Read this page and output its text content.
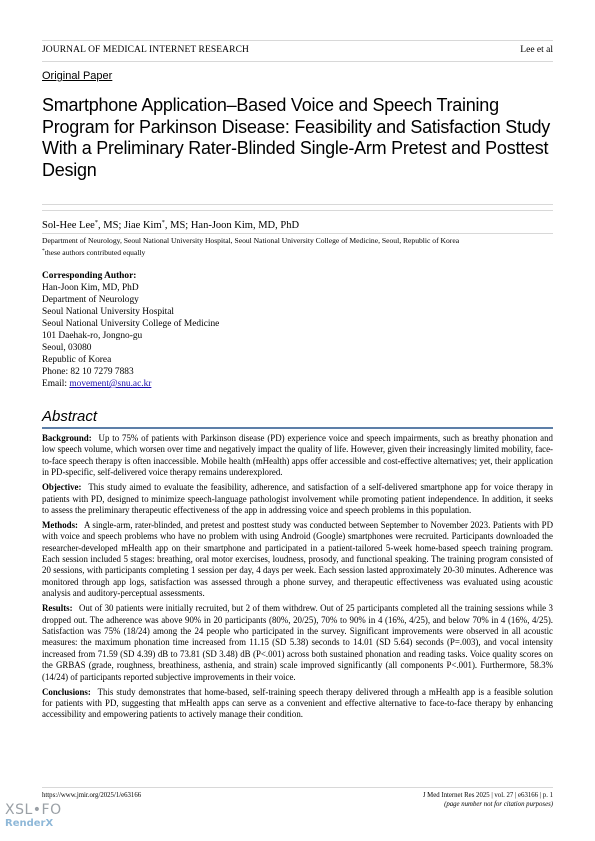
JOURNAL OF MEDICAL INTERNET RESEARCH	Lee et al
Original Paper
Smartphone Application–Based Voice and Speech Training Program for Parkinson Disease: Feasibility and Satisfaction Study With a Preliminary Rater-Blinded Single-Arm Pretest and Posttest Design
Sol-Hee Lee*, MS; Jiae Kim*, MS; Han-Joon Kim, MD, PhD
Department of Neurology, Seoul National University Hospital, Seoul National University College of Medicine, Seoul, Republic of Korea
*these authors contributed equally
Corresponding Author:
Han-Joon Kim, MD, PhD
Department of Neurology
Seoul National University Hospital
Seoul National University College of Medicine
101 Daehak-ro, Jongno-gu
Seoul, 03080
Republic of Korea
Phone: 82 10 7279 7883
Email: movement@snu.ac.kr
Abstract

Background: Up to 75% of patients with Parkinson disease (PD) experience voice and speech impairments, such as breathy phonation and low speech volume, which worsen over time and negatively impact the quality of life. However, given their increasingly limited mobility, face-to-face speech therapy is often inaccessible. Mobile health (mHealth) apps offer accessible and cost-effective alternatives; yet, their application in PD-specific, self-delivered voice therapy remains underexplored.

Objective: This study aimed to evaluate the feasibility, adherence, and satisfaction of a self-delivered smartphone app for voice therapy in patients with PD, designed to minimize speech-language pathologist involvement while promoting patient independence. In addition, it seeks to assess the preliminary therapeutic effectiveness of the app in addressing voice and speech problems in this population.

Methods: A single-arm, rater-blinded, and pretest and posttest study was conducted between September to November 2023. Patients with PD with voice and speech problems who have no problem with using Android (Google) smartphones were recruited. Participants downloaded the researcher-developed mHealth app on their smartphone and participated in a patient-tailored 5-week home-based speech training program. Each session included 5 stages: breathing, oral motor exercises, loudness, prosody, and functional speaking. The training program consisted of 20 sessions, with participants completing 1 session per day, 4 days per week. Each session lasted approximately 20-30 minutes. Adherence was monitored through app logs, satisfaction was assessed through a phone survey, and therapeutic effectiveness was evaluated using acoustic analysis and auditory-perceptual assessments.

Results: Out of 30 patients were initially recruited, but 2 of them withdrew. Out of 25 participants completed all the training sessions while 3 dropped out. The adherence was above 90% in 20 participants (80%, 20/25), 70% to 90% in 4 (16%, 4/25), and below 70% in 4 (16%, 4/25). Satisfaction was 75% (18/24) among the 24 people who participated in the survey. Significant improvements were observed in all acoustic measures: the maximum phonation time increased from 11.15 (SD 5.38) seconds to 14.01 (SD 5.64) seconds (P=.003), and vocal intensity increased from 71.59 (SD 4.39) dB to 73.81 (SD 3.48) dB (P<.001) across both sustained phonation and reading tasks. Voice quality scores on the GRBAS (grade, roughness, breathiness, asthenia, and strain) scale improved significantly (all components P<.001). Furthermore, 58.3% (14/24) of participants reported subjective improvements in their voice.

Conclusions: This study demonstrates that home-based, self-training speech therapy delivered through a mHealth app is a feasible solution for patients with PD, suggesting that mHealth apps can serve as a convenient and effective alternative to face-to-face therapy by enhancing accessibility and empowering patients to actively manage their condition.

https://www.jmir.org/2025/1/e63166	J Med Internet Res 2025 | vol. 27 | e63166 | p. 1
(page number not for citation purposes)
XSL•FO
RenderX
